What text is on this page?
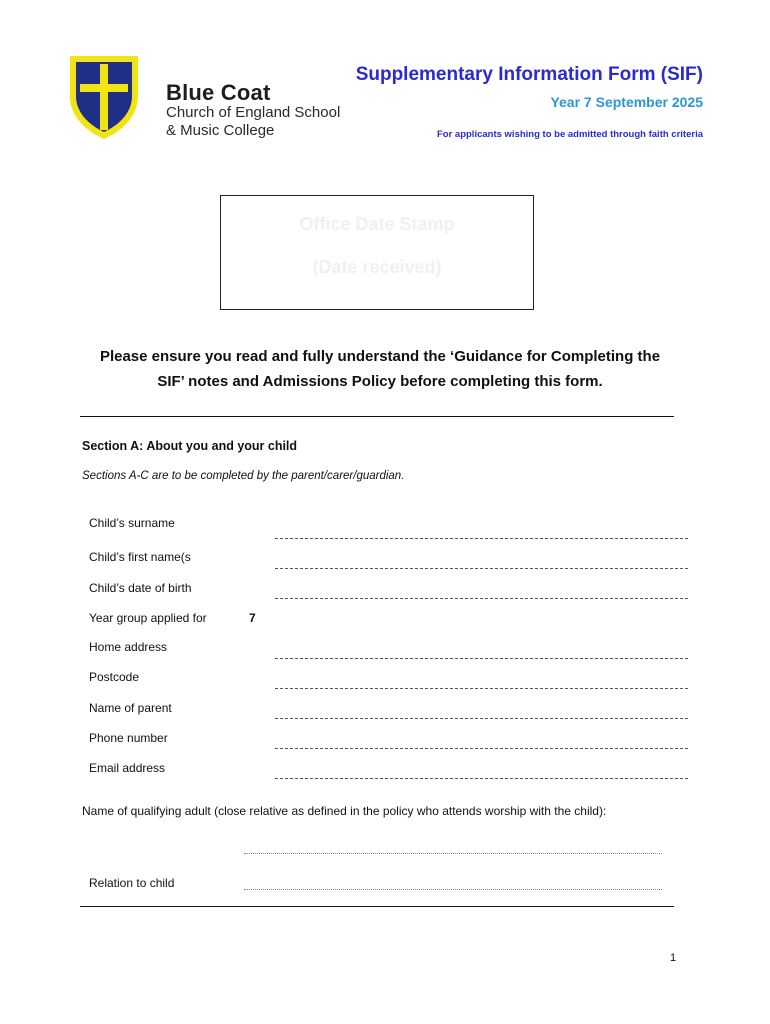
Blue Coat
Church of England School
& Music College
Supplementary Information Form (SIF)
Year 7 September 2025
For applicants wishing to be admitted through faith criteria
Office Date Stamp
(Date received)
Please ensure you read and fully understand the ‘Guidance for Completing the
SIF’ notes and Admissions Policy before completing this form.
Section A: About you and your child
Sections A-C are to be completed by the parent/carer/guardian.
Child’s surname
Child’s first name(s
Child’s date of birth
Year group applied for	7
Home address
Postcode
Name of parent
Phone number
Email address
Name of qualifying adult (close relative as defined in the policy who attends worship with the child):
Relation to child
1
